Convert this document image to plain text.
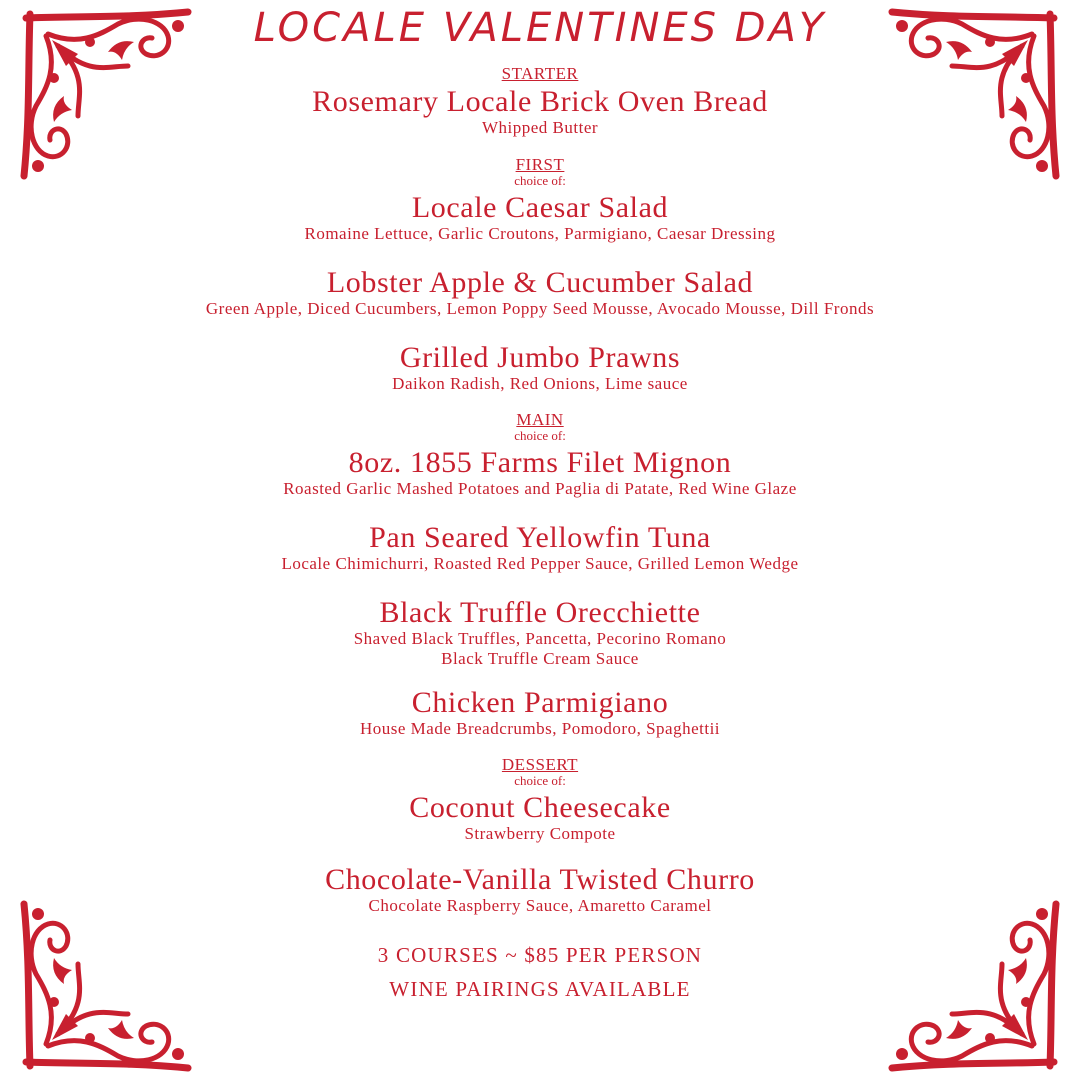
LOCALE VALENTINES DAY
STARTER
Rosemary Locale Brick Oven Bread
Whipped Butter
FIRST
choice of:
Locale Caesar Salad
Romaine Lettuce, Garlic Croutons, Parmigiano, Caesar Dressing
Lobster Apple & Cucumber Salad
Green Apple, Diced Cucumbers, Lemon Poppy Seed Mousse, Avocado Mousse, Dill Fronds
Grilled Jumbo Prawns
Daikon Radish, Red Onions, Lime sauce
MAIN
choice of:
8oz. 1855 Farms Filet Mignon
Roasted Garlic Mashed Potatoes and Paglia di Patate, Red Wine Glaze
Pan Seared Yellowfin Tuna
Locale Chimichurri, Roasted Red Pepper Sauce, Grilled Lemon Wedge
Black Truffle Orecchiette
Shaved Black Truffles, Pancetta, Pecorino Romano
Black Truffle Cream Sauce
Chicken Parmigiano
House Made Breadcrumbs, Pomodoro, Spaghettii
DESSERT
choice of:
Coconut Cheesecake
Strawberry Compote
Chocolate-Vanilla Twisted Churro
Chocolate Raspberry Sauce, Amaretto Caramel
3 COURSES ~ $85 PER PERSON
WINE PAIRINGS AVAILABLE
